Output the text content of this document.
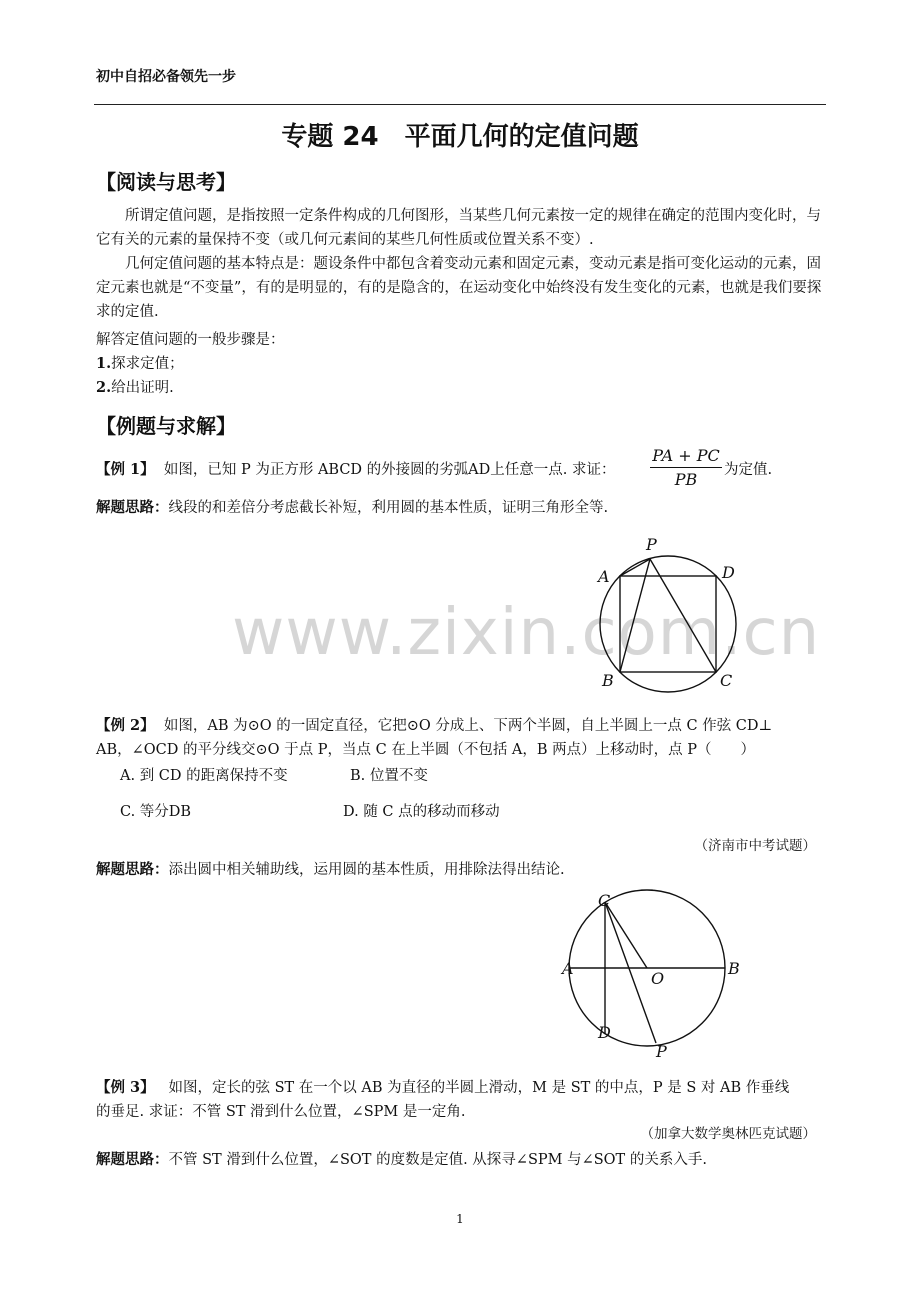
初中自招必备领先一步
专题 24　平面几何的定值问题
【阅读与思考】
所谓定值问题，是指按照一定条件构成的几何图形，当某些几何元素按一定的规律在确定的范围内变化时，与它有关的元素的量保持不变（或几何元素间的某些几何性质或位置关系不变）.
几何定值问题的基本特点是：题设条件中都包含着变动元素和固定元素，变动元素是指可变化运动的元素，固定元素也就是“不变量”，有的是明显的，有的是隐含的，在运动变化中始终没有发生变化的元素，也就是我们要探求的定值.
解答定值问题的一般步骤是：
1.探求定值；
2.给出证明.
【例题与求解】
【例 1】 如图，已知 P 为正方形 ABCD 的外接圆的劣弧AD上任意一点. 求证： $\frac{PA + PC}{PB}$ 为定值.
解题思路：线段的和差倍分考虑截长补短，利用圆的基本性质，证明三角形全等.
www.zixin.com.cn
P
A	D
B	C
【例 2】 如图，AB 为⊙O 的一固定直径，它把⊙O 分成上、下两个半圆，自上半圆上一点 C 作弦 CD⊥
AB，∠OCD 的平分线交⊙O 于点 P，当点 C 在上半圆（不包括 A，B 两点）上移动时，点 P（　　）
A. 到 CD 的距离保持不变	B. 位置不变
C. 等分DB	D. 随 C 点的移动而移动
（济南市中考试题）
解题思路：添出圆中相关辅助线，运用圆的基本性质，用排除法得出结论.
C
A
O
B
D
P
【例 3】 如图，定长的弦 ST 在一个以 AB 为直径的半圆上滑动，M 是 ST 的中点，P 是 S 对 AB 作垂线
的垂足. 求证：不管 ST 滑到什么位置，∠SPM 是一定角.
（加拿大数学奥林匹克试题）
解题思路：不管 ST 滑到什么位置，∠SOT 的度数是定值. 从探寻∠SPM 与∠SOT 的关系入手.
1
